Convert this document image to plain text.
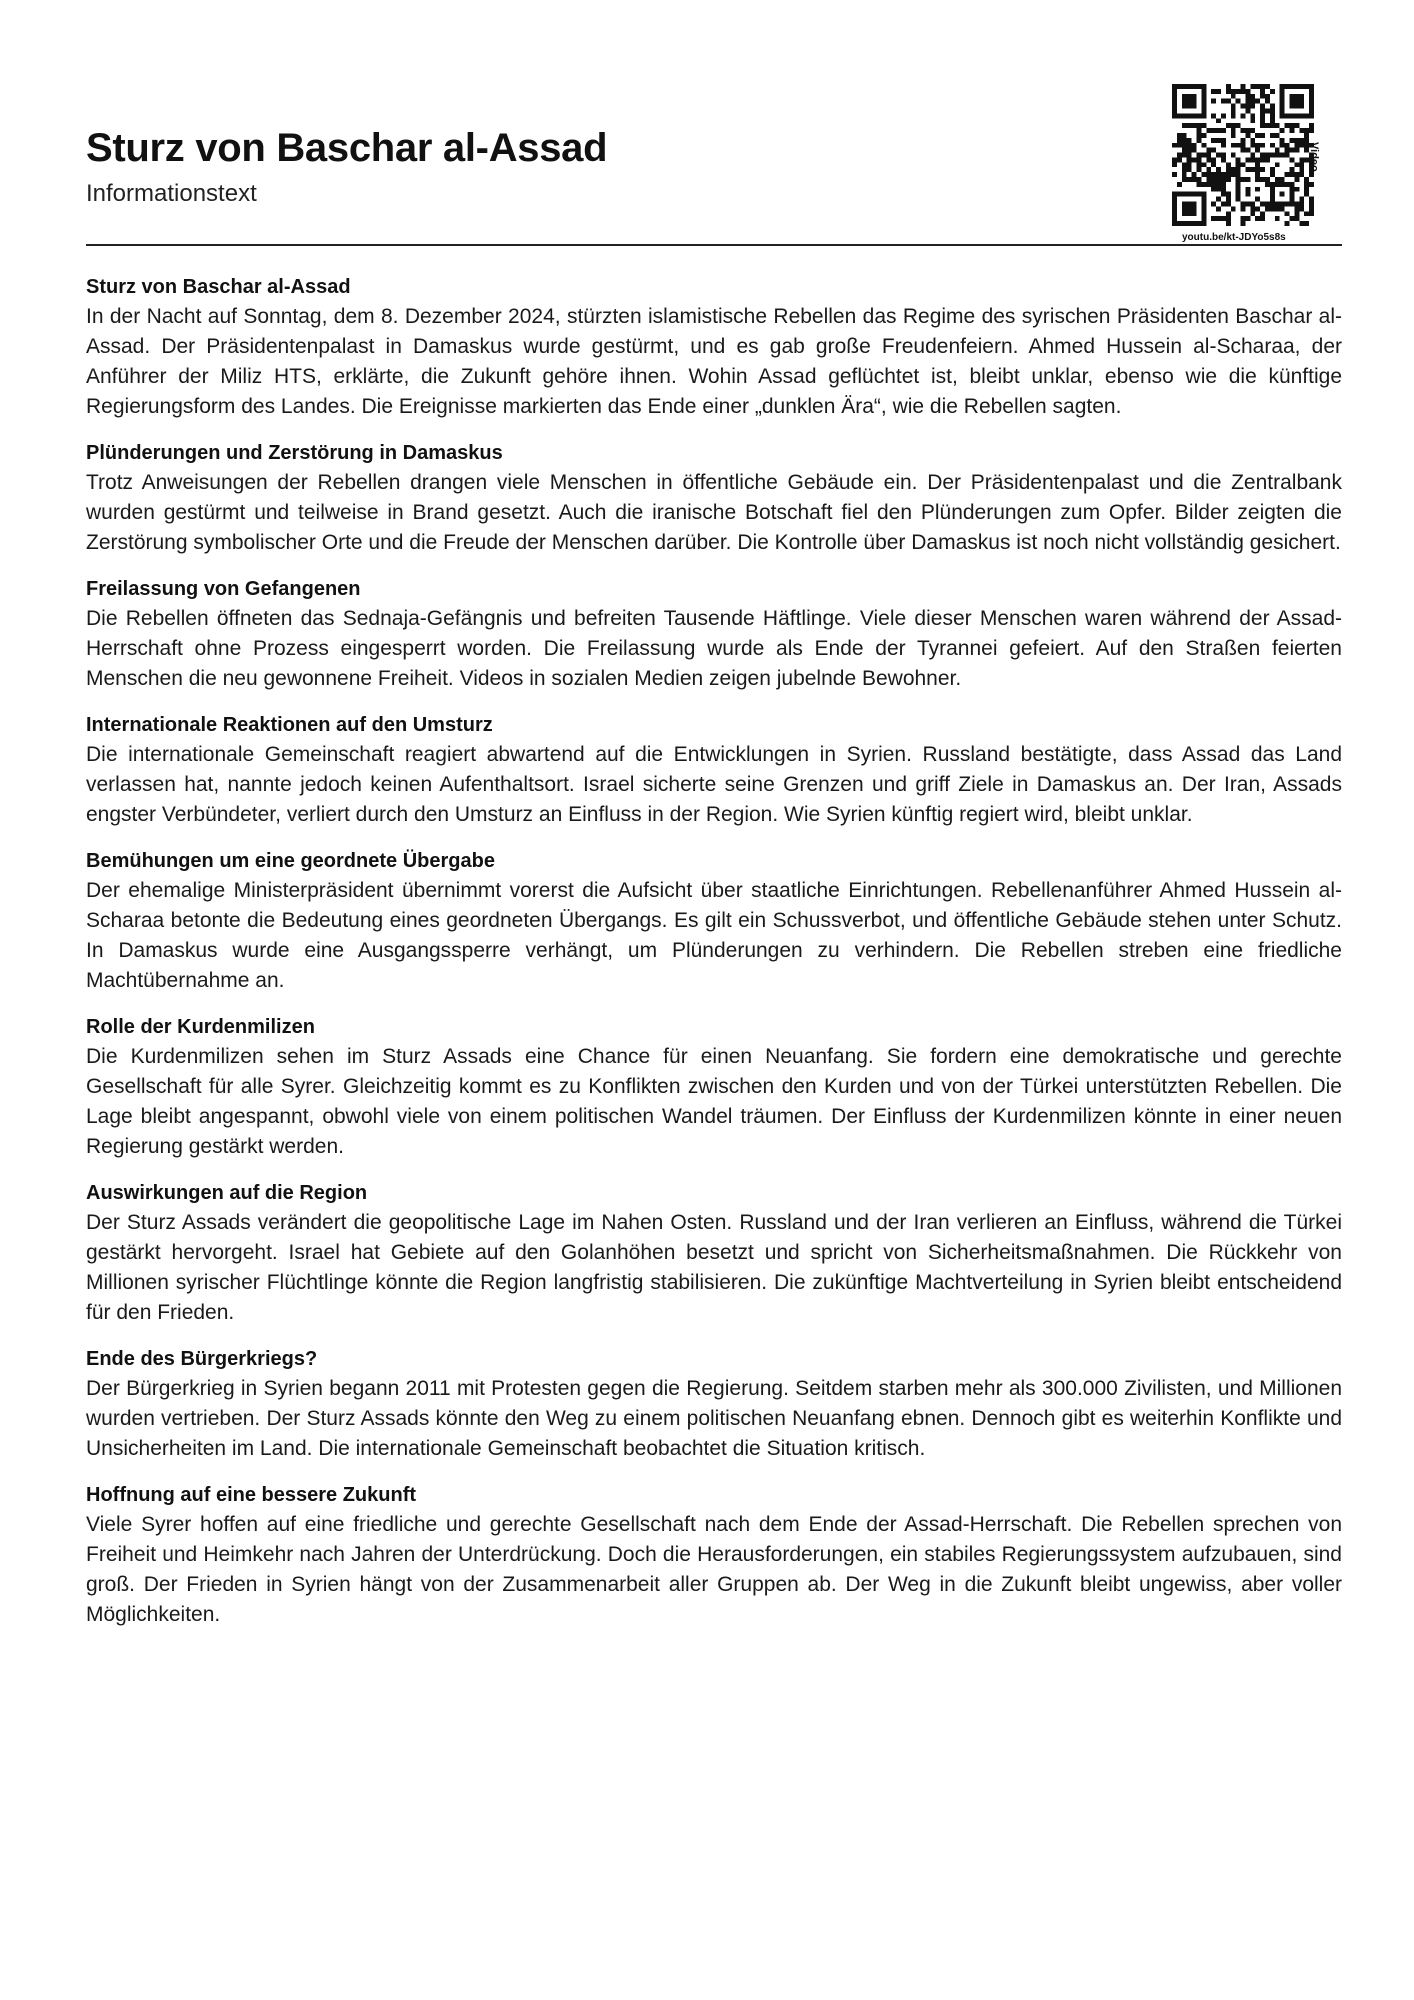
Sturz von Baschar al-Assad

Informationstext

Video
youtu.be/kt-JDYo5s8s
Sturz von Baschar al-Assad

In der Nacht auf Sonntag, dem 8. Dezember 2024, stürzten islamistische Rebellen das Regime des syrischen Präsidenten Baschar al-Assad. Der Präsidentenpalast in Damaskus wurde gestürmt, und es gab große Freudenfeiern. Ahmed Hussein al-Scharaa, der Anführer der Miliz HTS, erklärte, die Zukunft gehöre ihnen. Wohin Assad geflüchtet ist, bleibt unklar, ebenso wie die künftige Regierungsform des Landes. Die Ereignisse markierten das Ende einer „dunklen Ära“, wie die Rebellen sagten.

Plünderungen und Zerstörung in Damaskus

Trotz Anweisungen der Rebellen drangen viele Menschen in öffentliche Gebäude ein. Der Präsidentenpalast und die Zentralbank wurden gestürmt und teilweise in Brand gesetzt. Auch die iranische Botschaft fiel den Plünderungen zum Opfer. Bilder zeigten die Zerstörung symbolischer Orte und die Freude der Menschen darüber. Die Kontrolle über Damaskus ist noch nicht vollständig gesichert.

Freilassung von Gefangenen

Die Rebellen öffneten das Sednaja-Gefängnis und befreiten Tausende Häftlinge. Viele dieser Menschen waren während der Assad-Herrschaft ohne Prozess eingesperrt worden. Die Freilassung wurde als Ende der Tyrannei gefeiert. Auf den Straßen feierten Menschen die neu gewonnene Freiheit. Videos in sozialen Medien zeigen jubelnde Bewohner.

Internationale Reaktionen auf den Umsturz

Die internationale Gemeinschaft reagiert abwartend auf die Entwicklungen in Syrien. Russland bestätigte, dass Assad das Land verlassen hat, nannte jedoch keinen Aufenthaltsort. Israel sicherte seine Grenzen und griff Ziele in Damaskus an. Der Iran, Assads engster Verbündeter, verliert durch den Umsturz an Einfluss in der Region. Wie Syrien künftig regiert wird, bleibt unklar.

Bemühungen um eine geordnete Übergabe

Der ehemalige Ministerpräsident übernimmt vorerst die Aufsicht über staatliche Einrichtungen. Rebellenanführer Ahmed Hussein al-Scharaa betonte die Bedeutung eines geordneten Übergangs. Es gilt ein Schussverbot, und öffentliche Gebäude stehen unter Schutz. In Damaskus wurde eine Ausgangssperre verhängt, um Plünderungen zu verhindern. Die Rebellen streben eine friedliche Machtübernahme an.

Rolle der Kurdenmilizen

Die Kurdenmilizen sehen im Sturz Assads eine Chance für einen Neuanfang. Sie fordern eine demokratische und gerechte Gesellschaft für alle Syrer. Gleichzeitig kommt es zu Konflikten zwischen den Kurden und von der Türkei unterstützten Rebellen. Die Lage bleibt angespannt, obwohl viele von einem politischen Wandel träumen. Der Einfluss der Kurdenmilizen könnte in einer neuen Regierung gestärkt werden.

Auswirkungen auf die Region

Der Sturz Assads verändert die geopolitische Lage im Nahen Osten. Russland und der Iran verlieren an Einfluss, während die Türkei gestärkt hervorgeht. Israel hat Gebiete auf den Golanhöhen besetzt und spricht von Sicherheitsmaßnahmen. Die Rückkehr von Millionen syrischer Flüchtlinge könnte die Region langfristig stabilisieren. Die zukünftige Machtverteilung in Syrien bleibt entscheidend für den Frieden.

Ende des Bürgerkriegs?

Der Bürgerkrieg in Syrien begann 2011 mit Protesten gegen die Regierung. Seitdem starben mehr als 300.000 Zivilisten, und Millionen wurden vertrieben. Der Sturz Assads könnte den Weg zu einem politischen Neuanfang ebnen. Dennoch gibt es weiterhin Konflikte und Unsicherheiten im Land. Die internationale Gemeinschaft beobachtet die Situation kritisch.

Hoffnung auf eine bessere Zukunft

Viele Syrer hoffen auf eine friedliche und gerechte Gesellschaft nach dem Ende der Assad-Herrschaft. Die Rebellen sprechen von Freiheit und Heimkehr nach Jahren der Unterdrückung. Doch die Herausforderungen, ein stabiles Regierungssystem aufzubauen, sind groß. Der Frieden in Syrien hängt von der Zusammenarbeit aller Gruppen ab. Der Weg in die Zukunft bleibt ungewiss, aber voller Möglichkeiten.
